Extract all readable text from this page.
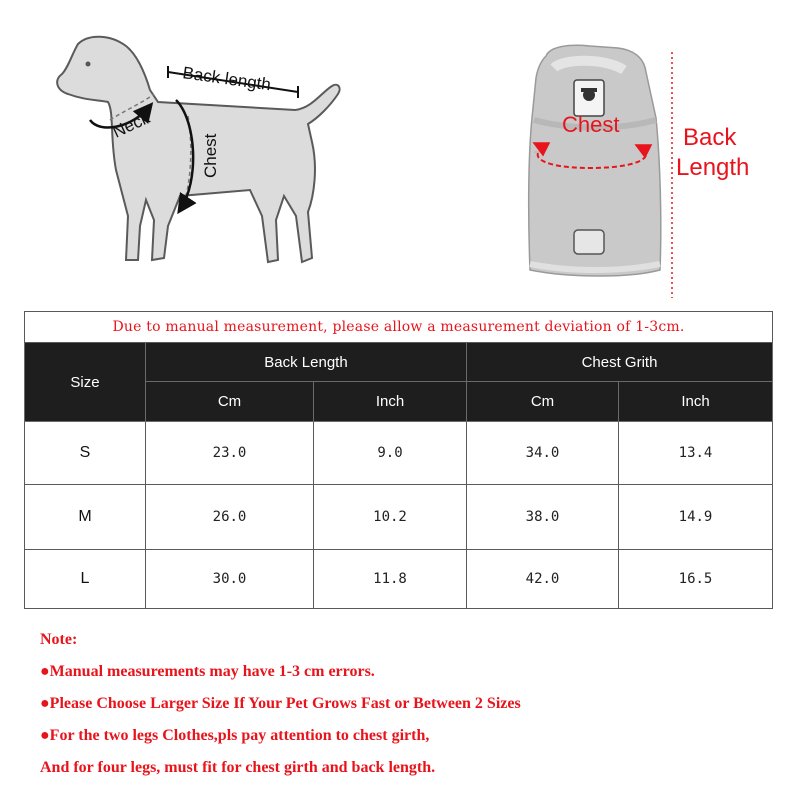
Back length
Neck
Chest
Chest	Back
Length
Due to manual measurement, please allow a measurement deviation of 1-3cm.				
Size	Back Length		Chest Grith	
	Cm	Inch	Cm	Inch
S	23.0	9.0	34.0	13.4
M	26.0	10.2	38.0	14.9
L	30.0	11.8	42.0	16.5
Note:
●Manual measurements may have 1-3 cm errors.
●Please Choose Larger Size If Your Pet Grows Fast or Between 2 Sizes
●For the two legs Clothes,pls pay attention to chest girth,
And for four legs, must fit for chest girth and back length.
